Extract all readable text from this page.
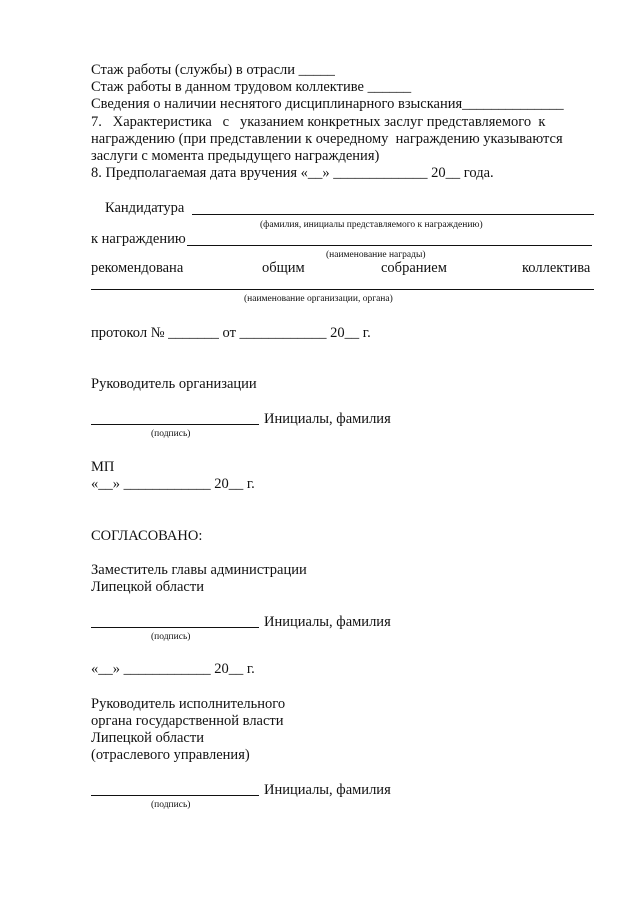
Стаж работы (службы) в отрасли _____
Стаж работы в данном трудовом коллективе ______
Сведения о наличии неснятого дисциплинарного взыскания______________
7.   Характеристика   с   указанием конкретных заслуг представляемого  к
награждению (при представлении к очередному  награждению указываются
заслуги с момента предыдущего награждения)
8. Предполагаемая дата вручения «__» _____________ 20__ года.
Кандидатура
(фамилия, инициалы представляемого к награждению)
к награждению
(наименование награды)
рекомендована	общим	собранием	коллектива
(наименование организации, органа)
протокол № _______ от ____________ 20__ г.
Руководитель организации
Инициалы, фамилия
(подпись)
МП
«__» ____________ 20__ г.
СОГЛАСОВАНО:
Заместитель главы администрации
Липецкой области
Инициалы, фамилия
(подпись)
«__» ____________ 20__ г.
Руководитель исполнительного
органа государственной власти
Липецкой области
(отраслевого управления)
Инициалы, фамилия
(подпись)
